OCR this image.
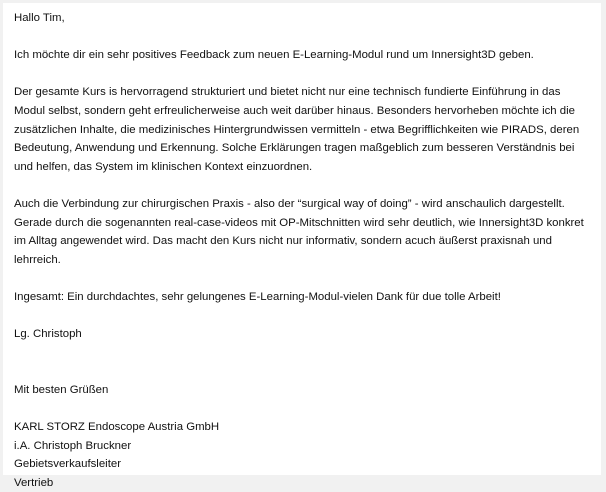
Hallo Tim,

Ich möchte dir ein sehr positives Feedback zum neuen E-Learning-Modul rund um Innersight3D geben.

Der gesamte Kurs is hervorragend strukturiert und bietet nicht nur eine technisch fundierte Einführung in das Modul selbst, sondern geht erfreulicherweise auch weit darüber hinaus. Besonders hervorheben möchte ich die zusätzlichen Inhalte, die medizinisches Hintergrundwissen vermitteln - etwa Begrifflichkeiten wie PIRADS, deren Bedeutung, Anwendung und Erkennung. Solche Erklärungen tragen maßgeblich zum besseren Verständnis bei und helfen, das System im klinischen Kontext einzuordnen.

Auch die Verbindung zur chirurgischen Praxis - also der “surgical way of doing” - wird anschaulich dargestellt. Gerade durch die sogenannten real-case-videos mit OP-Mitschnitten wird sehr deutlich, wie Innersight3D konkret im Alltag angewendet wird. Das macht den Kurs nicht nur informativ, sondern acuch äußerst praxisnah und lehrreich.

Ingesamt: Ein durchdachtes, sehr gelungenes E-Learning-Modul-vielen Dank für due tolle Arbeit!

Lg. Christoph

Mit besten Grüßen

KARL STORZ Endoscope Austria GmbH

i.A. Christoph Bruckner

Gebietsverkaufsleiter

Vertrieb
